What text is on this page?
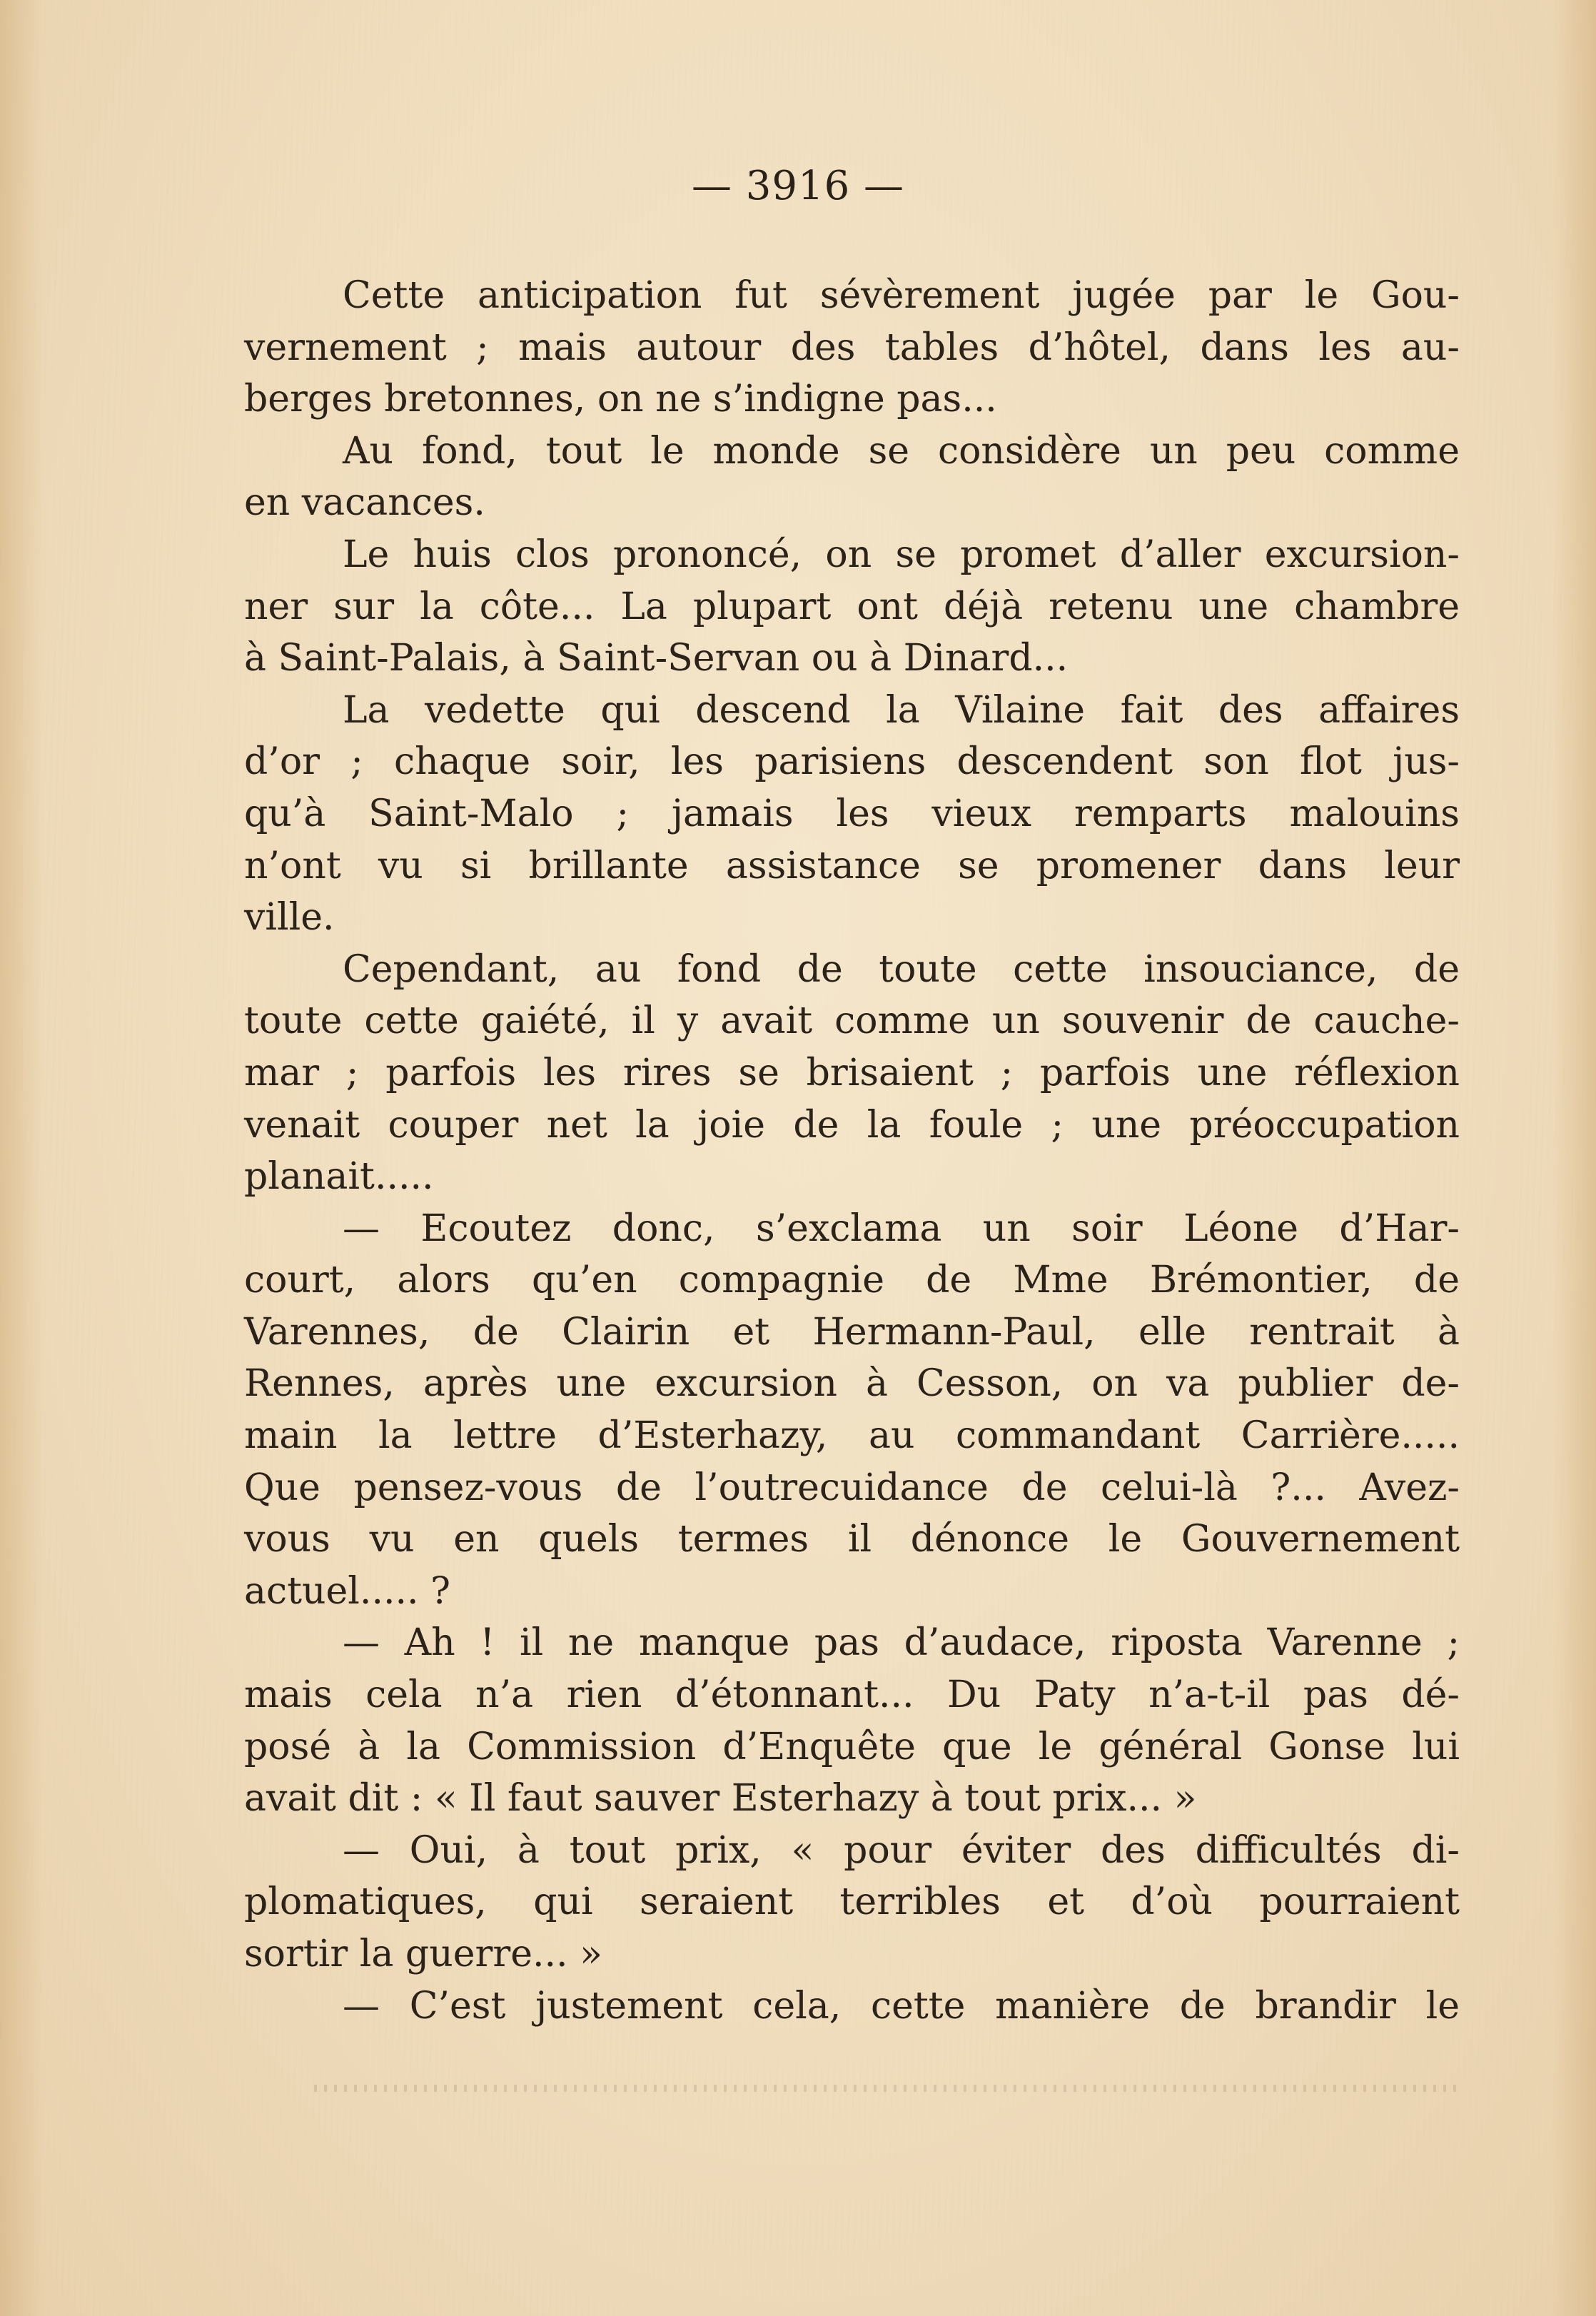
— 3916 —
Cette anticipation fut sévèrement jugée par le Gou-
vernement ; mais autour des tables d’hôtel, dans les au-
berges bretonnes, on ne s’indigne pas...
Au fond, tout le monde se considère un peu comme
en vacances.
Le huis clos prononcé, on se promet d’aller excursion-
ner sur la côte... La plupart ont déjà retenu une chambre
à Saint-Palais, à Saint-Servan ou à Dinard...
La vedette qui descend la Vilaine fait des affaires
d’or ; chaque soir, les parisiens descendent son flot jus-
qu’à Saint-Malo ; jamais les vieux remparts malouins
n’ont vu si brillante assistance se promener dans leur
ville.
Cependant, au fond de toute cette insouciance, de
toute cette gaiété, il y avait comme un souvenir de cauche-
mar ; parfois les rires se brisaient ; parfois une réflexion
venait couper net la joie de la foule ; une préoccupation
planait.....
— Ecoutez donc, s’exclama un soir Léone d’Har-
court, alors qu’en compagnie de Mme Brémontier, de
Varennes, de Clairin et Hermann-Paul, elle rentrait à
Rennes, après une excursion à Cesson, on va publier de-
main la lettre d’Esterhazy, au commandant Carrière.....
Que pensez-vous de l’outrecuidance de celui-là ?... Avez-
vous vu en quels termes il dénonce le Gouvernement
actuel..... ?
— Ah ! il ne manque pas d’audace, riposta Varenne ;
mais cela n’a rien d’étonnant... Du Paty n’a-t-il pas dé-
posé à la Commission d’Enquête que le général Gonse lui
avait dit : « Il faut sauver Esterhazy à tout prix... »
— Oui, à tout prix, « pour éviter des difficultés di-
plomatiques, qui seraient terribles et d’où pourraient
sortir la guerre... »
— C’est justement cela, cette manière de brandir le
